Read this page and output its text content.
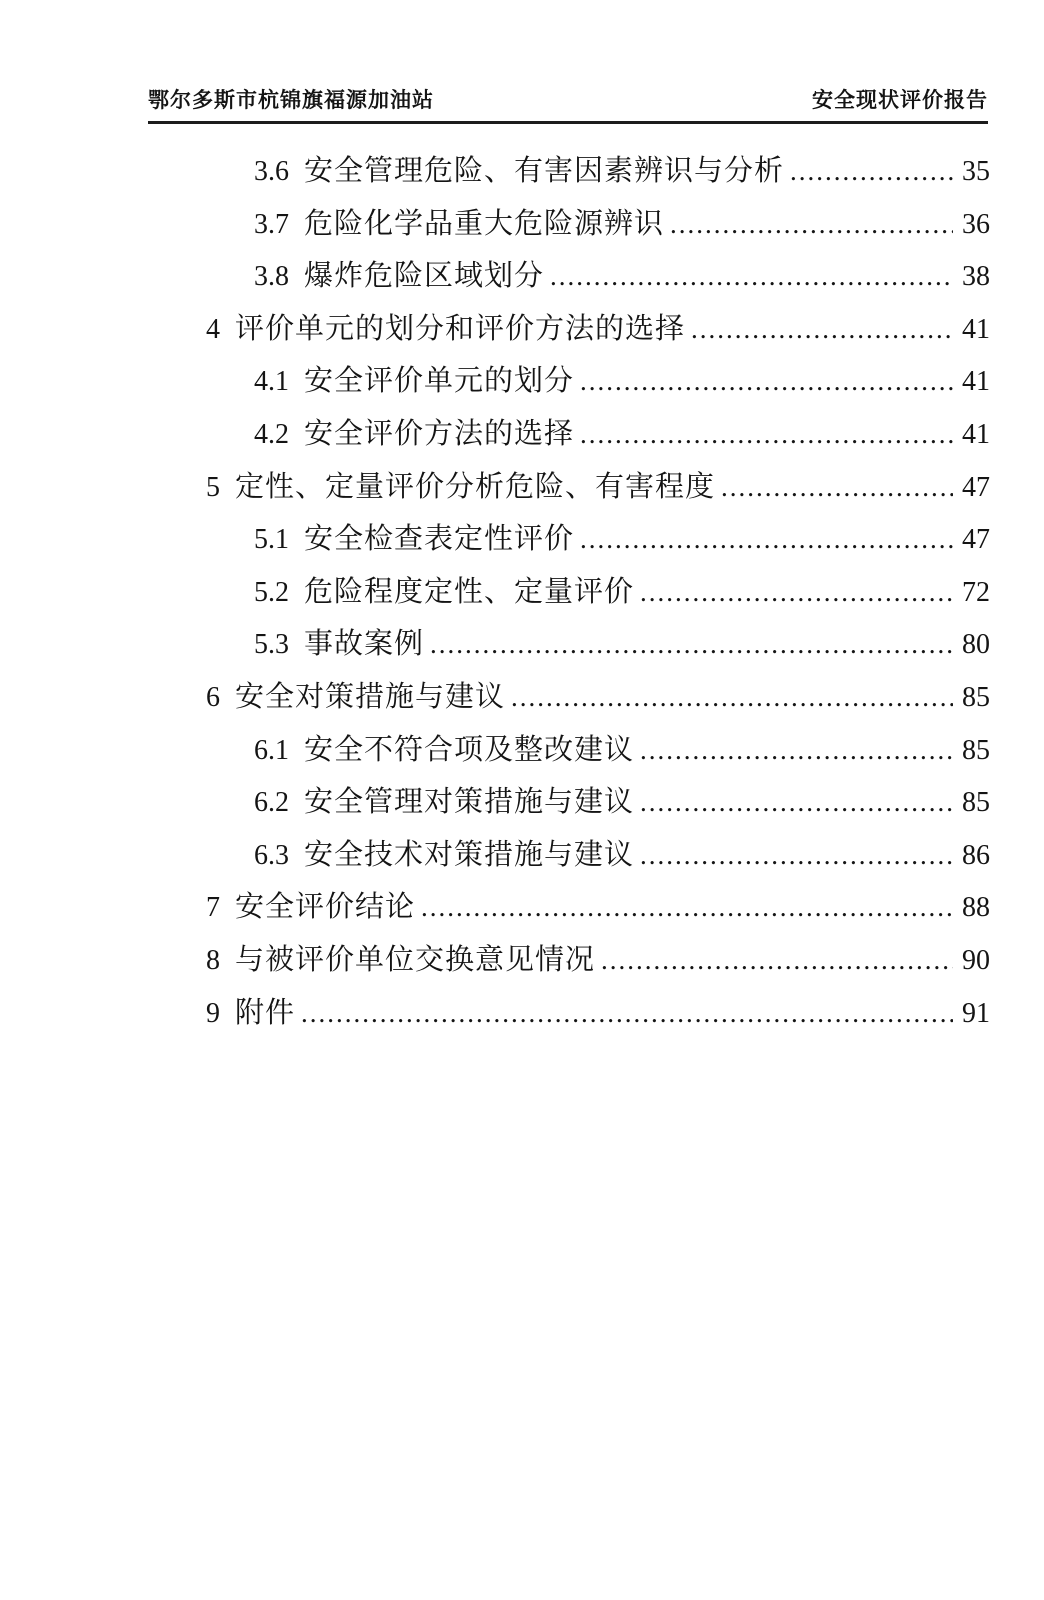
鄂尔多斯市杭锦旗福源加油站	安全现状评价报告
3.6 安全管理危险、有害因素辨识与分析 .....	35
3.7 危险化学品重大危险源辨识 .....	36
3.8 爆炸危险区域划分 .....	38
4 评价单元的划分和评价方法的选择 .....	41
4.1 安全评价单元的划分 .....	41
4.2 安全评价方法的选择 .....	41
5 定性、定量评价分析危险、有害程度 .....	47
5.1 安全检查表定性评价 .....	47
5.2 危险程度定性、定量评价 .....	72
5.3 事故案例 .....	80
6 安全对策措施与建议 .....	85
6.1 安全不符合项及整改建议 .....	85
6.2 安全管理对策措施与建议 .....	85
6.3 安全技术对策措施与建议 .....	86
7 安全评价结论 .....	88
8 与被评价单位交换意见情况 .....	90
9 附件 .....	91
